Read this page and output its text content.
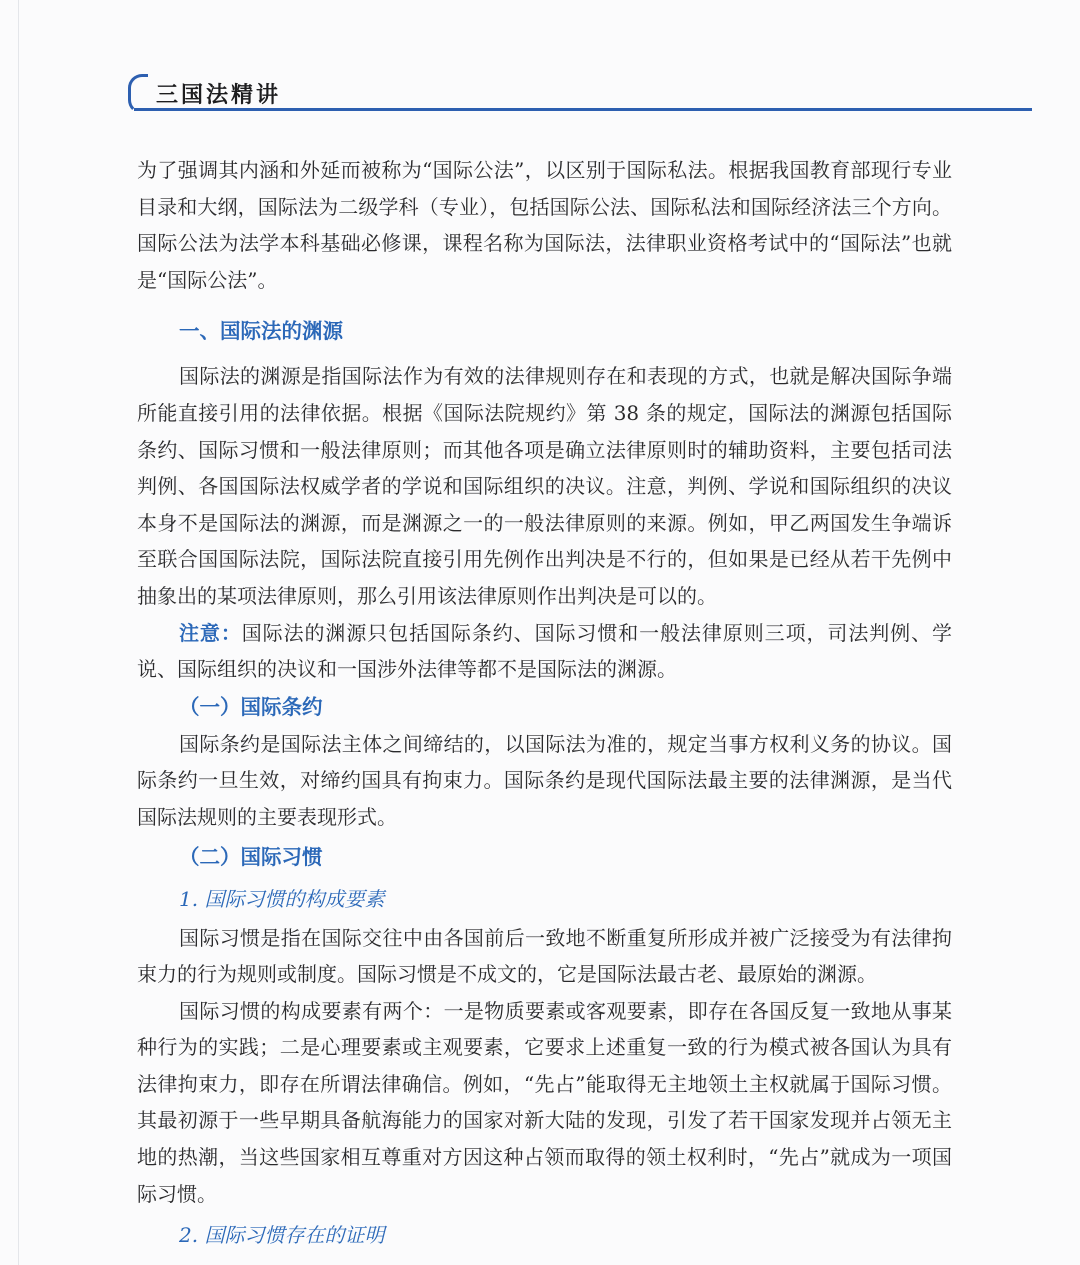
三国法精讲

为了强调其内涵和外延而被称为“国际公法”，以区别于国际私法。根据我国教育部现行专业目录和大纲，国际法为二级学科（专业），包括国际公法、国际私法和国际经济法三个方向。国际公法为法学本科基础必修课，课程名称为国际法，法律职业资格考试中的“国际法”也就是“国际公法”。

一、国际法的渊源

国际法的渊源是指国际法作为有效的法律规则存在和表现的方式，也就是解决国际争端所能直接引用的法律依据。根据《国际法院规约》第 38 条的规定，国际法的渊源包括国际条约、国际习惯和一般法律原则；而其他各项是确立法律原则时的辅助资料，主要包括司法判例、各国国际法权威学者的学说和国际组织的决议。注意，判例、学说和国际组织的决议本身不是国际法的渊源，而是渊源之一的一般法律原则的来源。例如，甲乙两国发生争端诉至联合国国际法院，国际法院直接引用先例作出判决是不行的，但如果是已经从若干先例中抽象出的某项法律原则，那么引用该法律原则作出判决是可以的。

注意：国际法的渊源只包括国际条约、国际习惯和一般法律原则三项，司法判例、学说、国际组织的决议和一国涉外法律等都不是国际法的渊源。

（一）国际条约

国际条约是国际法主体之间缔结的，以国际法为准的，规定当事方权利义务的协议。国际条约一旦生效，对缔约国具有拘束力。国际条约是现代国际法最主要的法律渊源，是当代国际法规则的主要表现形式。

（二）国际习惯
1. 国际习惯的构成要素

国际习惯是指在国际交往中由各国前后一致地不断重复所形成并被广泛接受为有法律拘束力的行为规则或制度。国际习惯是不成文的，它是国际法最古老、最原始的渊源。

国际习惯的构成要素有两个：一是物质要素或客观要素，即存在各国反复一致地从事某种行为的实践；二是心理要素或主观要素，它要求上述重复一致的行为模式被各国认为具有法律拘束力，即存在所谓法律确信。例如，“先占”能取得无主地领土主权就属于国际习惯。其最初源于一些早期具备航海能力的国家对新大陆的发现，引发了若干国家发现并占领无主地的热潮，当这些国家相互尊重对方因这种占领而取得的领土权利时，“先占”就成为一项国际习惯。

2. 国际习惯存在的证明
